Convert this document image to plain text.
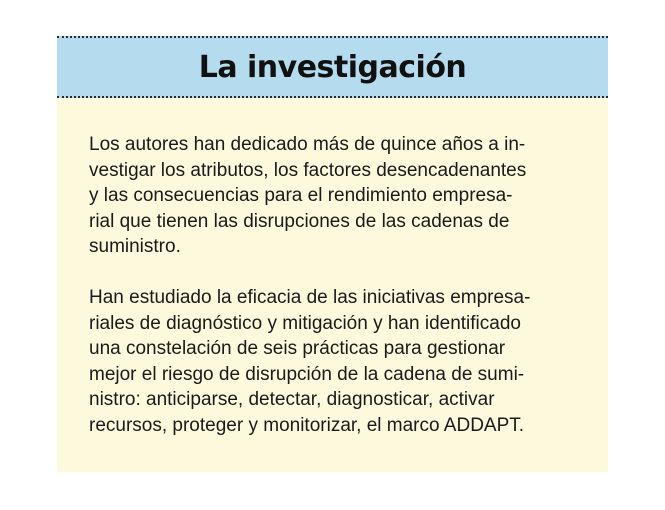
La investigación

Los autores han dedicado más de quince años a in-
vestigar los atributos, los factores desencadenantes
y las consecuencias para el rendimiento empresa-
rial que tienen las disrupciones de las cadenas de
suministro.

Han estudiado la eficacia de las iniciativas empresa-
riales de diagnóstico y mitigación y han identificado
una constelación de seis prácticas para gestionar
mejor el riesgo de disrupción de la cadena de sumi-
nistro: anticiparse, detectar, diagnosticar, activar
recursos, proteger y monitorizar, el marco ADDAPT.
